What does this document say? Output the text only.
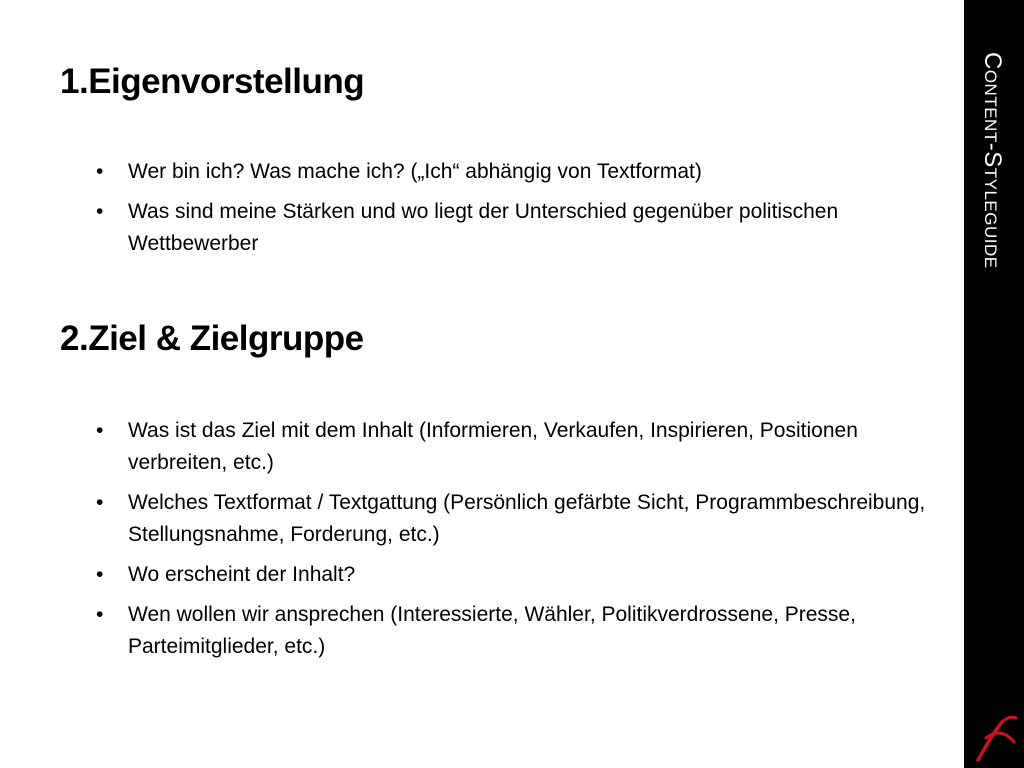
1.Eigenvorstellung
• Wer bin ich? Was mache ich? („Ich“ abhängig von Textformat)
• Was sind meine Stärken und wo liegt der Unterschied gegenüber politischen Wettbewerber
2.Ziel & Zielgruppe
• Was ist das Ziel mit dem Inhalt (Informieren, Verkaufen, Inspirieren, Positionen verbreiten, etc.)
• Welches Textformat / Textgattung (Persönlich gefärbte Sicht, Programmbeschreibung, Stellungsnahme, Forderung, etc.)
• Wo erscheint der Inhalt?
• Wen wollen wir ansprechen (Interessierte, Wähler, Politikverdrossene, Presse, Parteimitglieder, etc.)
Content-Styleguide
